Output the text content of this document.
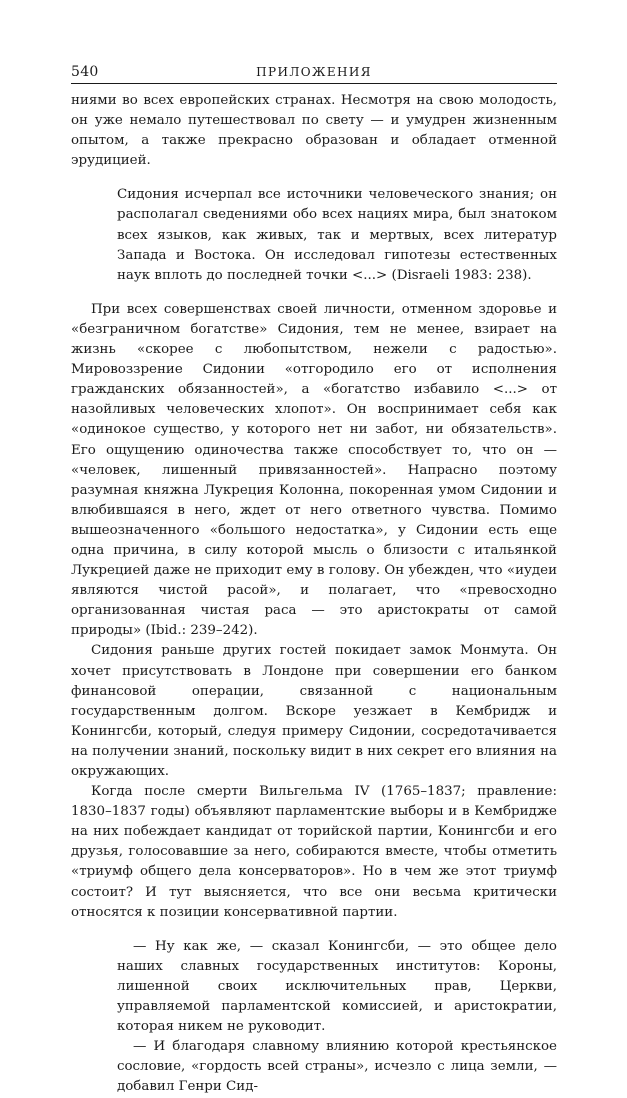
540	ПРИЛОЖЕНИЯ

ниями во всех европейских странах. Несмотря на свою молодость, он уже немало путешествовал по свету — и умудрен жизненным опытом, а также прекрасно образован и обладает отменной эрудицией.

Сидония исчерпал все источники человеческого знания; он располагал сведениями обо всех нациях мира, был знатоком всех языков, как живых, так и мертвых, всех литератур Запада и Востока. Он исследовал гипотезы естественных наук вплоть до последней точки <...> (Disraeli 1983: 238).

При всех совершенствах своей личности, отменном здоровье и «безграничном богатстве» Сидония, тем не менее, взирает на жизнь «скорее с любопытством, нежели с радостью». Мировоззрение Сидонии «отгородило его от исполнения гражданских обязанностей», а «богатство избавило <...> от назойливых человеческих хлопот». Он воспринимает себя как «одинокое существо, у которого нет ни забот, ни обязательств». Его ощущению одиночества также способствует то, что он — «человек, лишенный привязанностей». Напрасно поэтому разумная княжна Лукреция Колонна, покоренная умом Сидонии и влюбившаяся в него, ждет от него ответного чувства. Помимо вышеозначенного «большого недостатка», у Сидонии есть еще одна причина, в силу которой мысль о близости с итальянкой Лукрецией даже не приходит ему в голову. Он убежден, что «иудеи являются чистой расой», и полагает, что «превосходно организованная чистая раса — это аристократы от самой природы» (Ibid.: 239–242).

Сидония раньше других гостей покидает замок Монмута. Он хочет присутствовать в Лондоне при совершении его банком финансовой операции, связанной с национальным государственным долгом. Вскоре уезжает в Кембридж и Конингсби, который, следуя примеру Сидонии, сосредотачивается на получении знаний, поскольку видит в них секрет его влияния на окружающих.

Когда после смерти Вильгельма IV (1765–1837; правление: 1830–1837 годы) объявляют парламентские выборы и в Кембридже на них побеждает кандидат от торийской партии, Конингсби и его друзья, голосовавшие за него, собираются вместе, чтобы отметить «триумф общего дела консерваторов». Но в чем же этот триумф состоит? И тут выясняется, что все они весьма критически относятся к позиции консервативной партии.

— Ну как же, — сказал Конингсби, — это общее дело наших славных государственных институтов: Короны, лишенной своих исключительных прав, Церкви, управляемой парламентской комиссией, и аристократии, которая никем не руководит.

— И благодаря славному влиянию которой крестьянское сословие, «гордость всей страны», исчезло с лица земли, — добавил Генри Сид-
